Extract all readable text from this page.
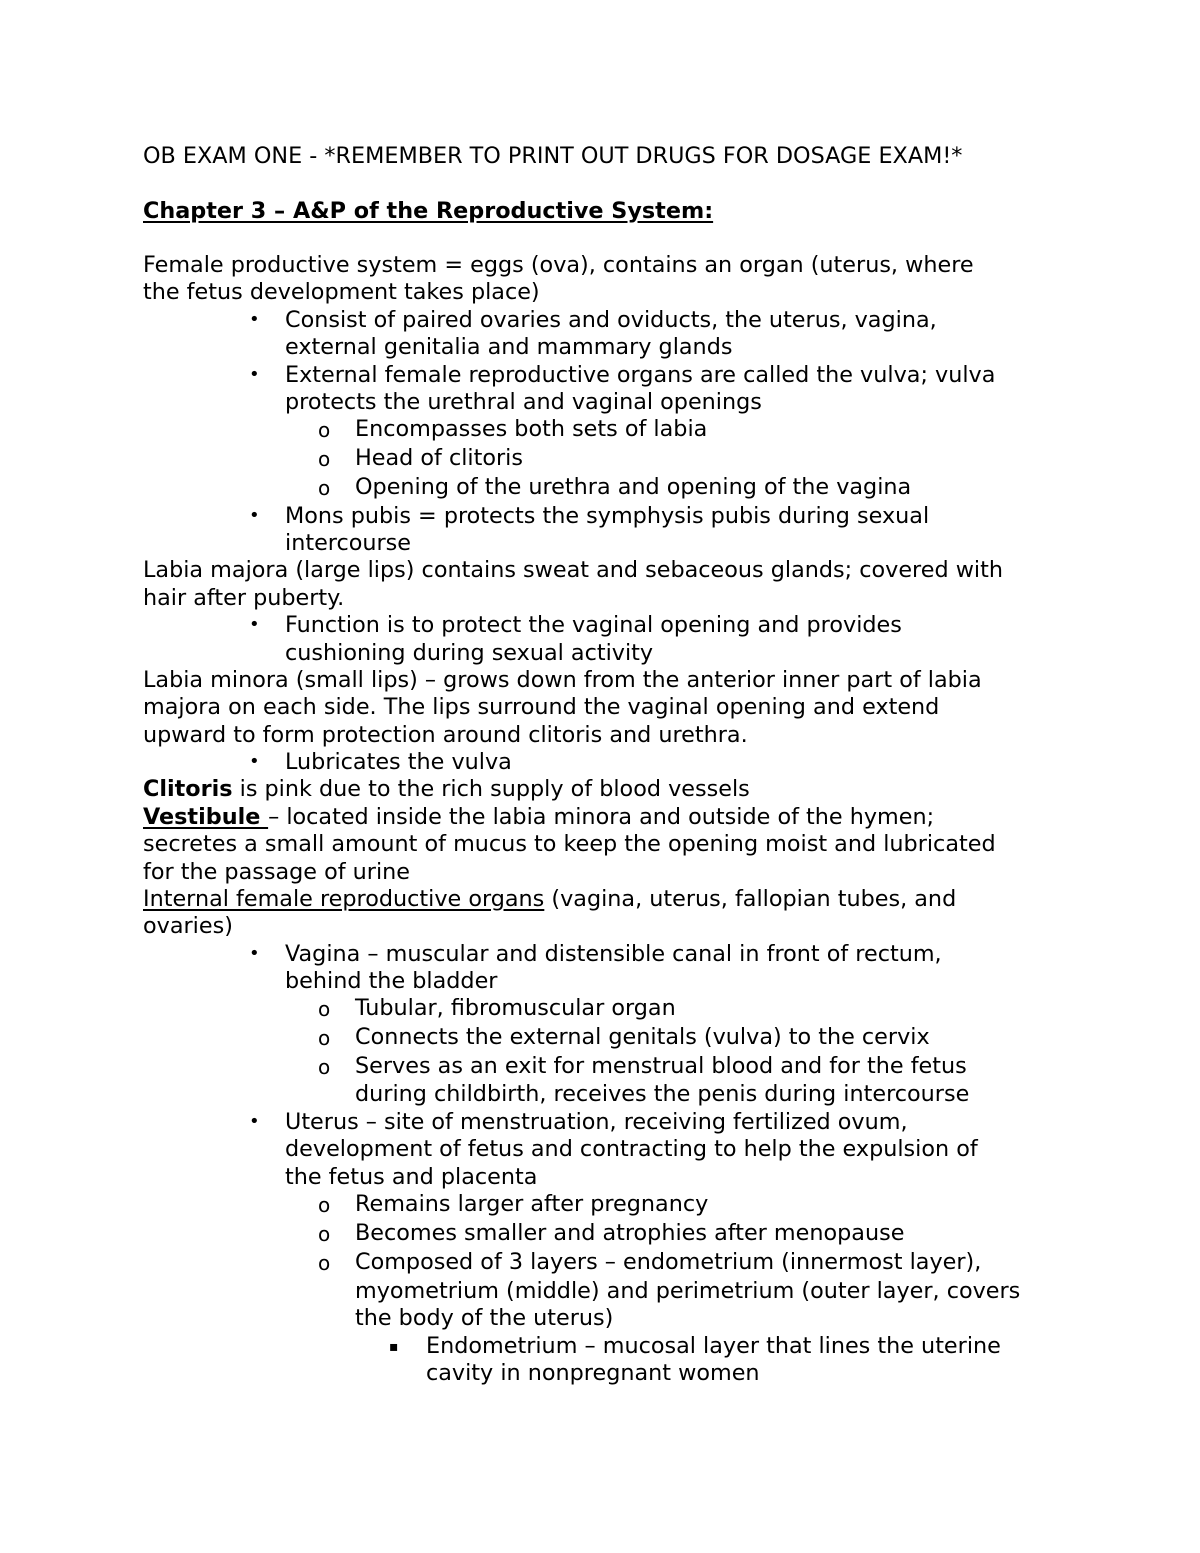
OB EXAM ONE - *REMEMBER TO PRINT OUT DRUGS FOR DOSAGE EXAM!*
Chapter 3 – A&P of the Reproductive System:
Female productive system = eggs (ova), contains an organ (uterus, where
the fetus development takes place)
• Consist of paired ovaries and oviducts, the uterus, vagina,
external genitalia and mammary glands
• External female reproductive organs are called the vulva; vulva
protects the urethral and vaginal openings
o Encompasses both sets of labia
o Head of clitoris
o Opening of the urethra and opening of the vagina
• Mons pubis = protects the symphysis pubis during sexual
intercourse
Labia majora (large lips) contains sweat and sebaceous glands; covered with
hair after puberty.
• Function is to protect the vaginal opening and provides
cushioning during sexual activity
Labia minora (small lips) – grows down from the anterior inner part of labia
majora on each side. The lips surround the vaginal opening and extend
upward to form protection around clitoris and urethra.
• Lubricates the vulva
Clitoris is pink due to the rich supply of blood vessels
Vestibule – located inside the labia minora and outside of the hymen;
secretes a small amount of mucus to keep the opening moist and lubricated
for the passage of urine
Internal female reproductive organs (vagina, uterus, fallopian tubes, and
ovaries)
• Vagina – muscular and distensible canal in front of rectum,
behind the bladder
o Tubular, fibromuscular organ
o Connects the external genitals (vulva) to the cervix
o Serves as an exit for menstrual blood and for the fetus
during childbirth, receives the penis during intercourse
• Uterus – site of menstruation, receiving fertilized ovum,
development of fetus and contracting to help the expulsion of
the fetus and placenta
o Remains larger after pregnancy
o Becomes smaller and atrophies after menopause
o Composed of 3 layers – endometrium (innermost layer),
myometrium (middle) and perimetrium (outer layer, covers
the body of the uterus)
▪ Endometrium – mucosal layer that lines the uterine
cavity in nonpregnant women
